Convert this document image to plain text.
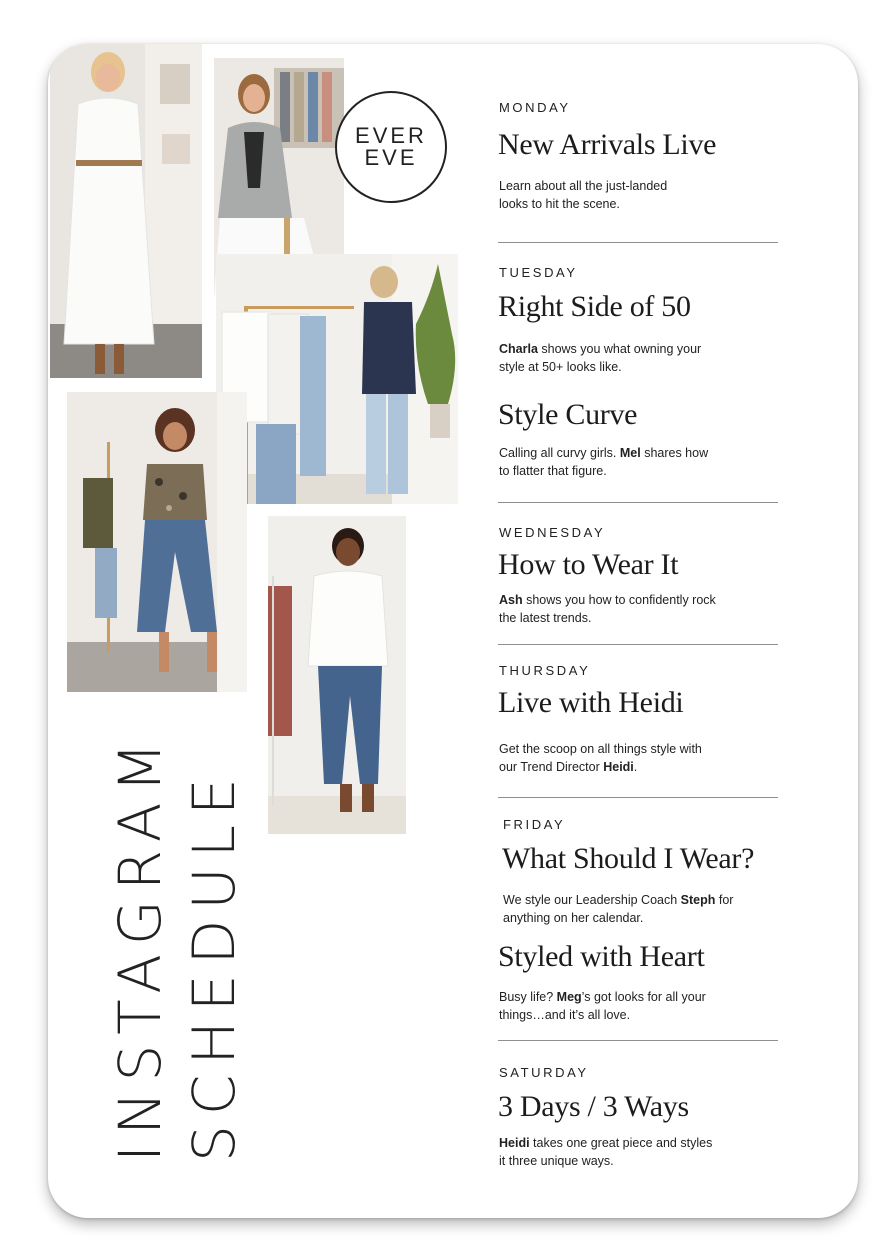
EVER
EVE
INSTAGRAM SCHEDULE
MONDAY
New Arrivals Live
Learn about all the just-landed looks to hit the scene.
TUESDAY
Right Side of 50
Charla shows you what owning your style at 50+ looks like.
Style Curve
Calling all curvy girls. Mel shares how to flatter that figure.
WEDNESDAY
How to Wear It
Ash shows you how to confidently rock the latest trends.
THURSDAY
Live with Heidi
Get the scoop on all things style with our Trend Director Heidi.
FRIDAY
What Should I Wear?
We style our Leadership Coach Steph for anything on her calendar.
Styled with Heart
Busy life? Meg’s got looks for all your things…and it’s all love.
SATURDAY
3 Days / 3 Ways
Heidi takes one great piece and styles it three unique ways.
